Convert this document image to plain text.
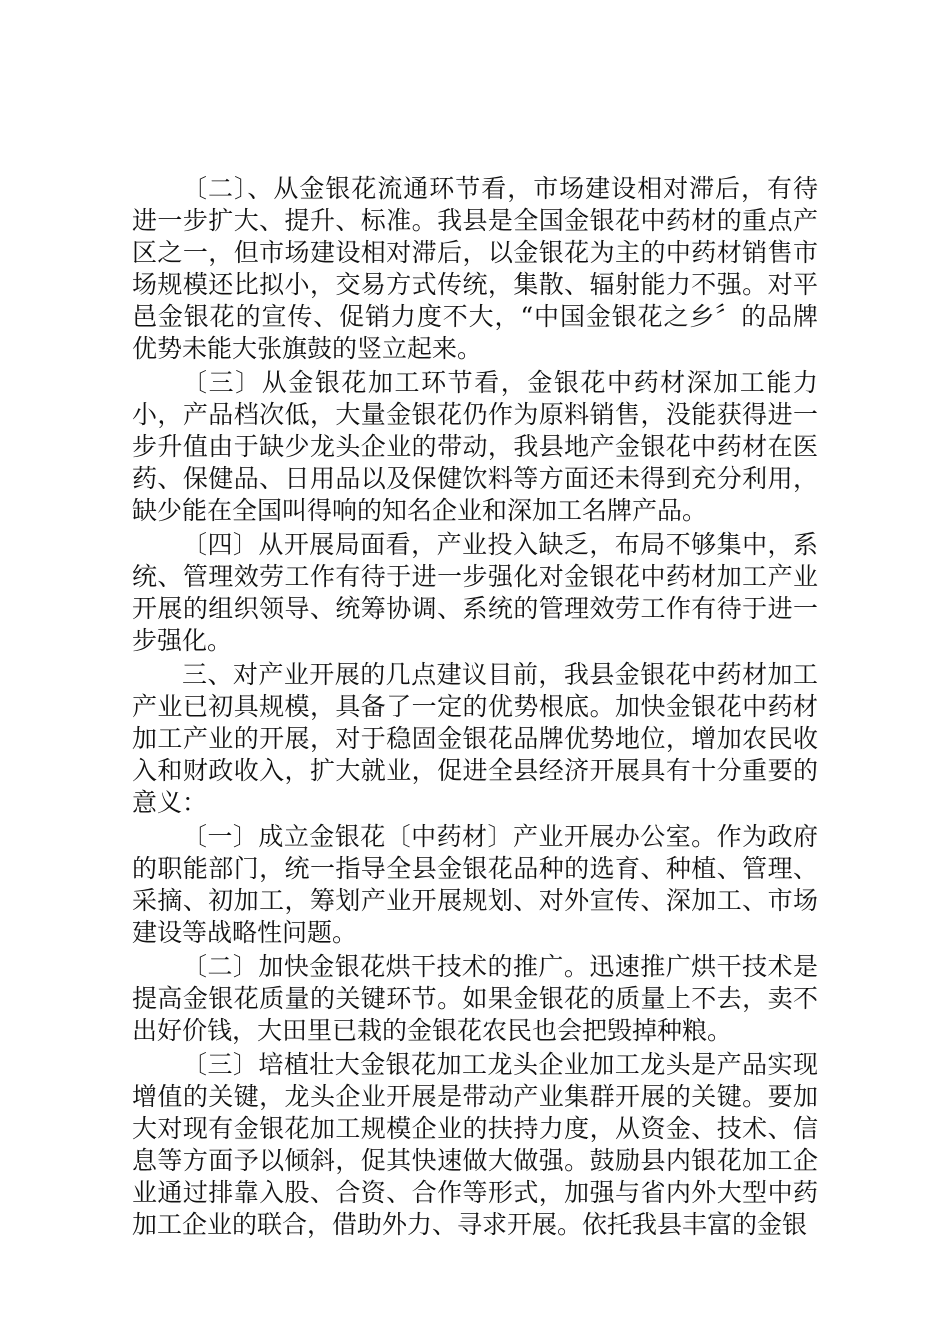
〔二〕、从金银花流通环节看，市场建设相对滞后，有待进一步扩大、提升、标准。我县是全国金银花中药材的重点产区之一，但市场建设相对滞后，以金银花为主的中药材销售市场规模还比拟小，交易方式传统，集散、辐射能力不强。对平邑金银花的宣传、促销力度不大，“中国金银花之乡〞的品牌优势未能大张旗鼓的竖立起来。

〔三〕从金银花加工环节看，金银花中药材深加工能力小，产品档次低，大量金银花仍作为原料销售，没能获得进一步升值由于缺少龙头企业的带动，我县地产金银花中药材在医药、保健品、日用品以及保健饮料等方面还未得到充分利用，缺少能在全国叫得响的知名企业和深加工名牌产品。

〔四〕从开展局面看，产业投入缺乏，布局不够集中，系统、管理效劳工作有待于进一步强化对金银花中药材加工产业开展的组织领导、统筹协调、系统的管理效劳工作有待于进一步强化。

三、对产业开展的几点建议目前，我县金银花中药材加工产业已初具规模，具备了一定的优势根底。加快金银花中药材加工产业的开展，对于稳固金银花品牌优势地位，增加农民收入和财政收入，扩大就业，促进全县经济开展具有十分重要的意义：

〔一〕成立金银花〔中药材〕产业开展办公室。作为政府的职能部门，统一指导全县金银花品种的选育、种植、管理、采摘、初加工，筹划产业开展规划、对外宣传、深加工、市场建设等战略性问题。

〔二〕加快金银花烘干技术的推广。迅速推广烘干技术是提高金银花质量的关键环节。如果金银花的质量上不去，卖不出好价钱，大田里已栽的金银花农民也会把毁掉种粮。

〔三〕培植壮大金银花加工龙头企业加工龙头是产品实现增值的关键，龙头企业开展是带动产业集群开展的关键。要加大对现有金银花加工规模企业的扶持力度，从资金、技术、信息等方面予以倾斜，促其快速做大做强。鼓励县内银花加工企业通过排靠入股、合资、合作等形式，加强与省内外大型中药加工企业的联合，借助外力、寻求开展。依托我县丰富的金银
